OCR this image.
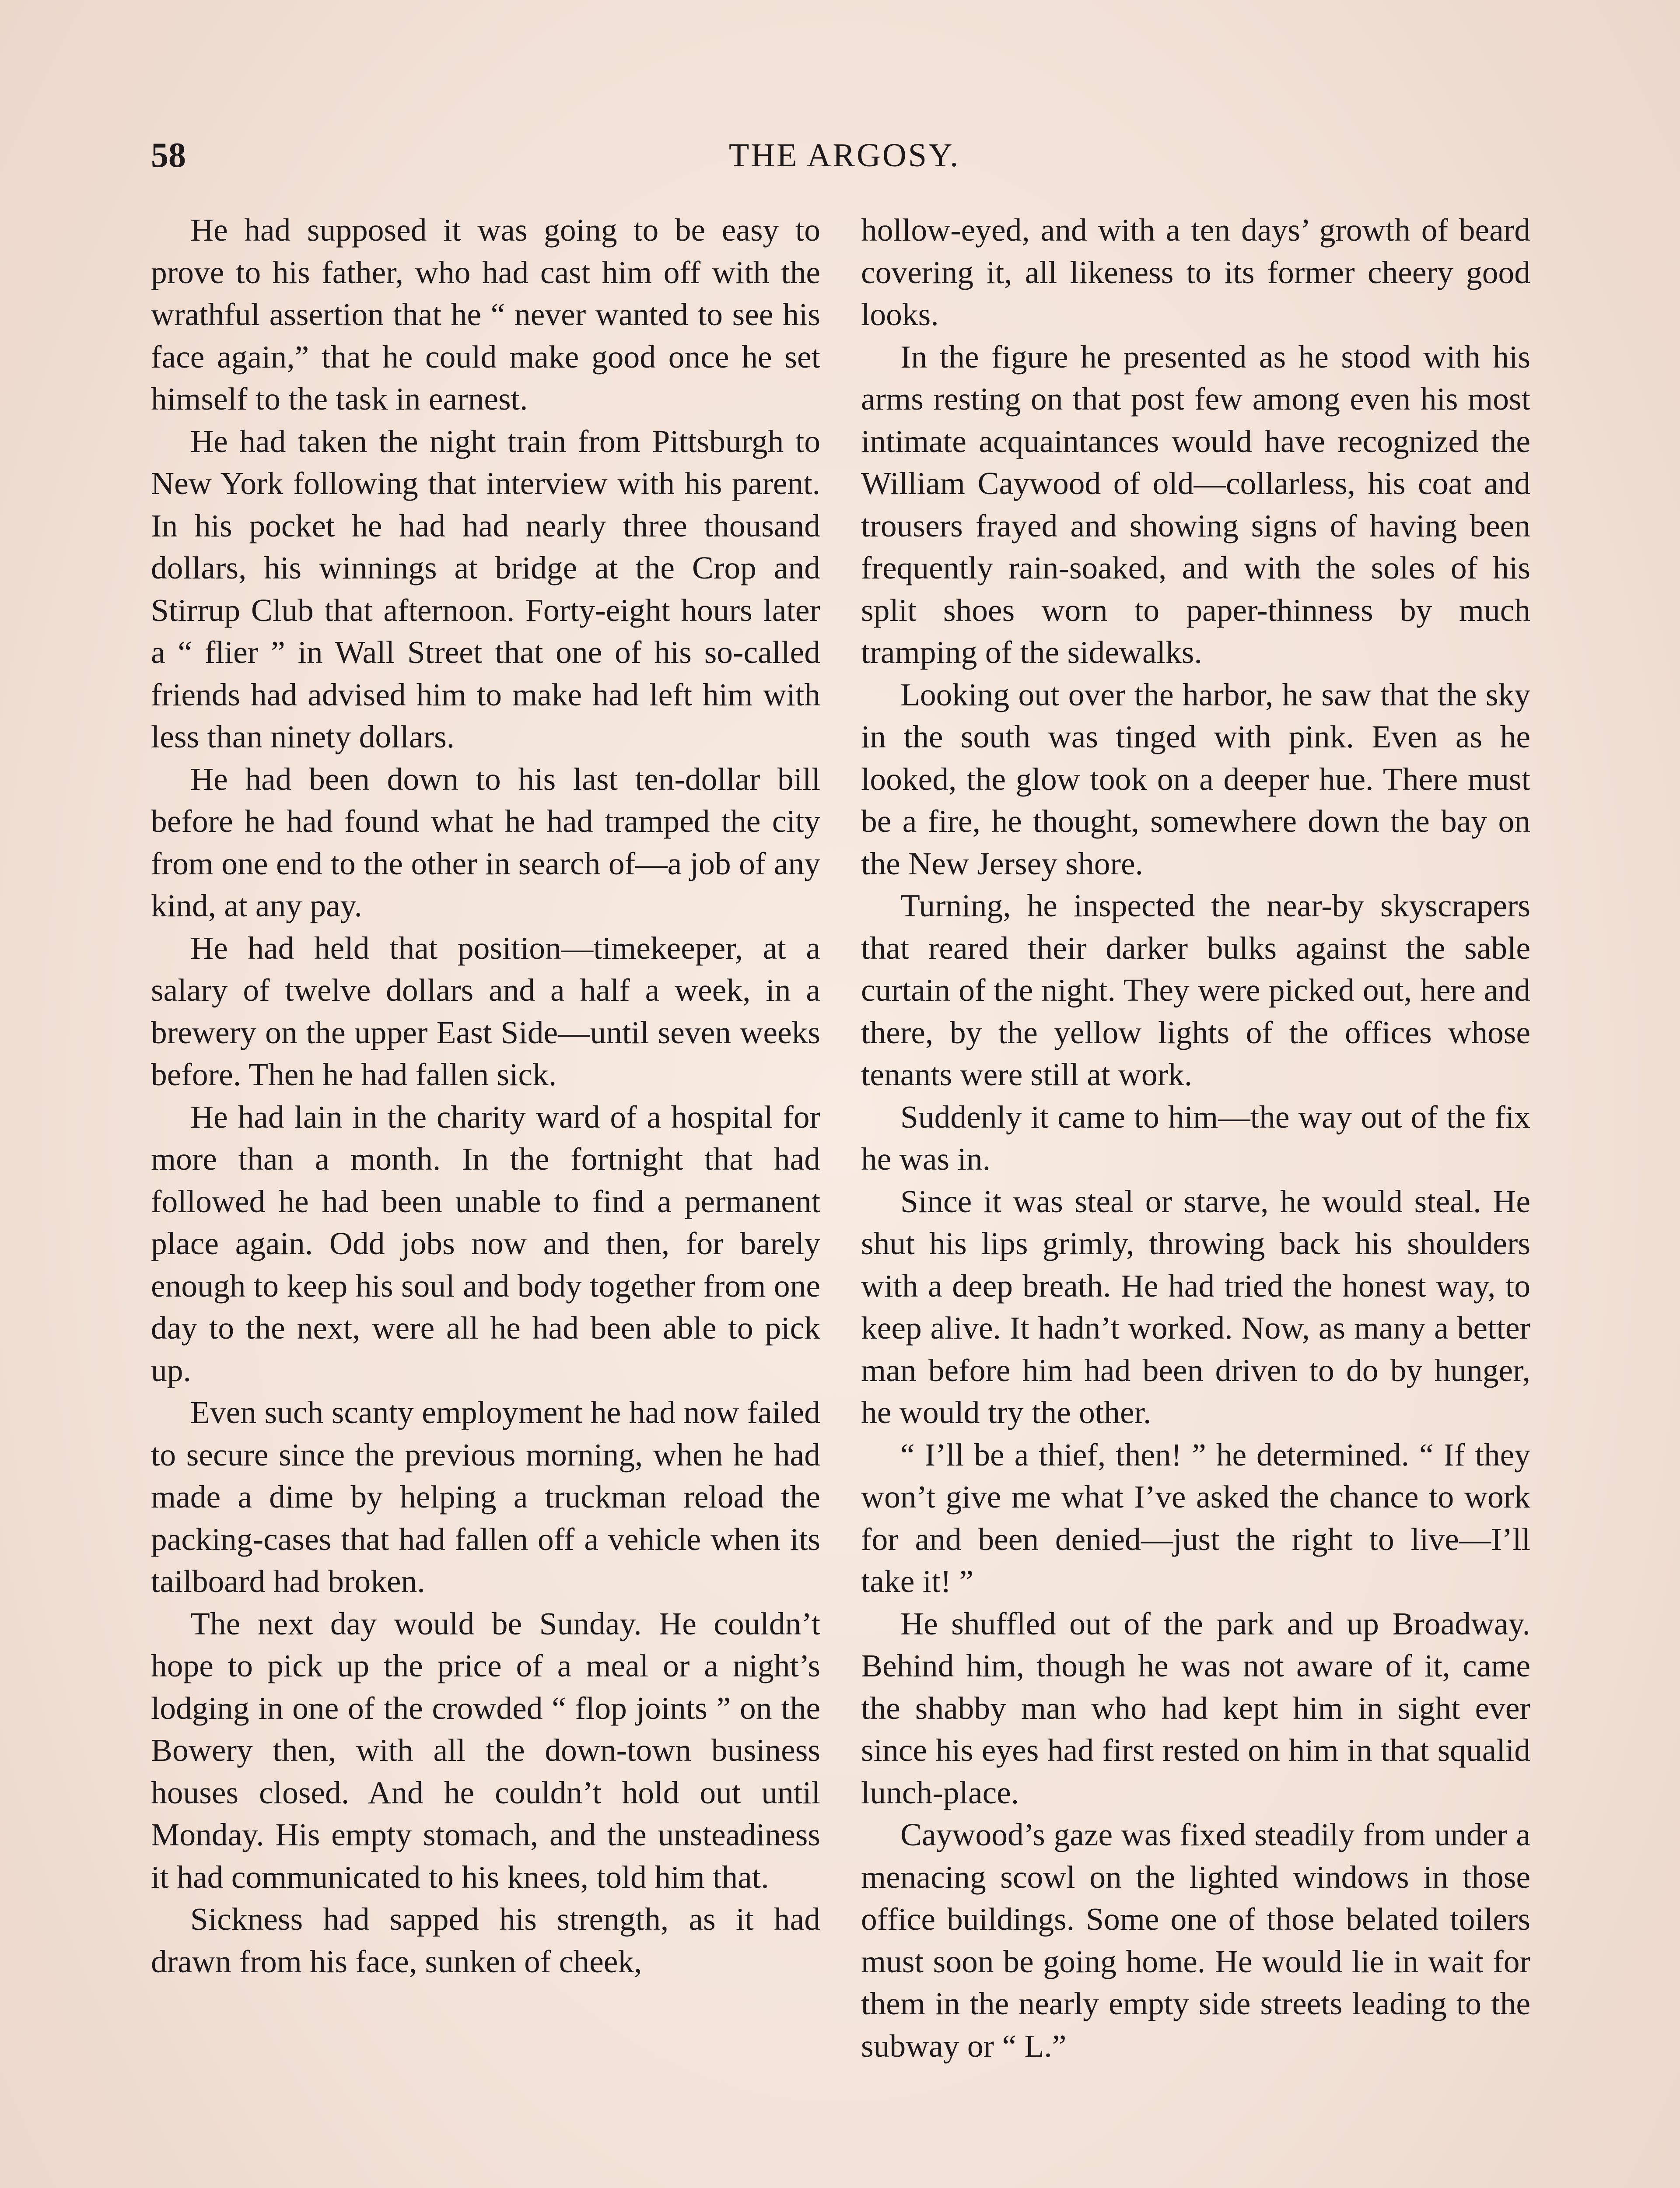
58	THE ARGOSY.

He had supposed it was going to be easy to prove to his father, who had cast him off with the wrathful assertion that he “ never wanted to see his face again,” that he could make good once he set himself to the task in earnest.

He had taken the night train from Pittsburgh to New York following that interview with his parent. In his pocket he had had nearly three thousand dollars, his winnings at bridge at the Crop and Stirrup Club that afternoon. Forty-eight hours later a “ flier ” in Wall Street that one of his so-called friends had advised him to make had left him with less than ninety dollars.

He had been down to his last ten-dollar bill before he had found what he had tramped the city from one end to the other in search of—a job of any kind, at any pay.

He had held that position—timekeeper, at a salary of twelve dollars and a half a week, in a brewery on the upper East Side—until seven weeks before. Then he had fallen sick.

He had lain in the charity ward of a hospital for more than a month. In the fortnight that had followed he had been unable to find a permanent place again. Odd jobs now and then, for barely enough to keep his soul and body together from one day to the next, were all he had been able to pick up.

Even such scanty employment he had now failed to secure since the previous morning, when he had made a dime by helping a truckman reload the packing-cases that had fallen off a vehicle when its tailboard had broken.

The next day would be Sunday. He couldn’t hope to pick up the price of a meal or a night’s lodging in one of the crowded “ flop joints ” on the Bowery then, with all the down-town business houses closed. And he couldn’t hold out until Monday. His empty stomach, and the unsteadiness it had communicated to his knees, told him that.

Sickness had sapped his strength, as it had drawn from his face, sunken of cheek,

hollow-eyed, and with a ten days’ growth of beard covering it, all likeness to its former cheery good looks.

In the figure he presented as he stood with his arms resting on that post few among even his most intimate acquaintances would have recognized the William Caywood of old—collarless, his coat and trousers frayed and showing signs of having been frequently rain-soaked, and with the soles of his split shoes worn to paper-thinness by much tramping of the sidewalks.

Looking out over the harbor, he saw that the sky in the south was tinged with pink. Even as he looked, the glow took on a deeper hue. There must be a fire, he thought, somewhere down the bay on the New Jersey shore.

Turning, he inspected the near-by skyscrapers that reared their darker bulks against the sable curtain of the night. They were picked out, here and there, by the yellow lights of the offices whose tenants were still at work.

Suddenly it came to him—the way out of the fix he was in.

Since it was steal or starve, he would steal. He shut his lips grimly, throwing back his shoulders with a deep breath. He had tried the honest way, to keep alive. It hadn’t worked. Now, as many a better man before him had been driven to do by hunger, he would try the other.

“ I’ll be a thief, then! ” he determined. “ If they won’t give me what I’ve asked the chance to work for and been denied—just the right to live—I’ll take it! ”

He shuffled out of the park and up Broadway. Behind him, though he was not aware of it, came the shabby man who had kept him in sight ever since his eyes had first rested on him in that squalid lunch-place.

Caywood’s gaze was fixed steadily from under a menacing scowl on the lighted windows in those office buildings. Some one of those belated toilers must soon be going home. He would lie in wait for them in the nearly empty side streets leading to the subway or “ L.”
